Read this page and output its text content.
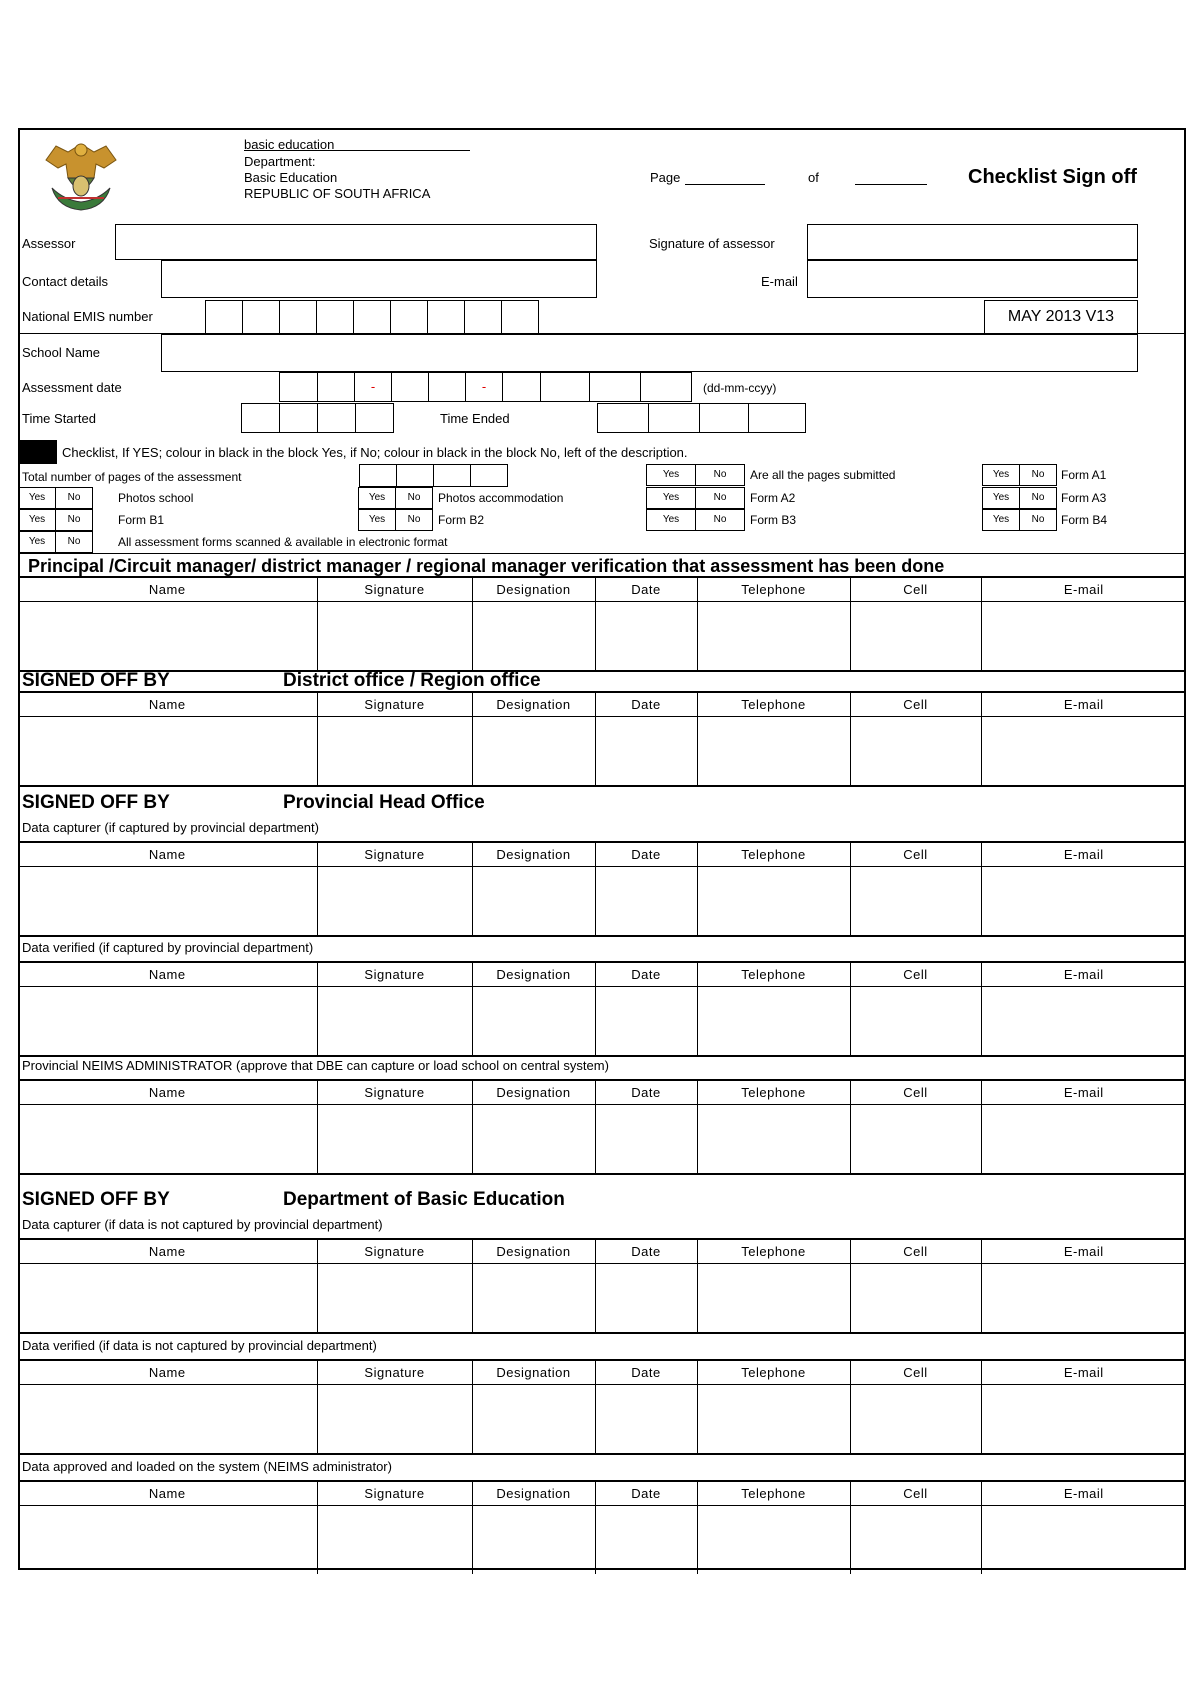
basic education
Department:
Basic Education
REPUBLIC OF SOUTH AFRICA
Page	of	Checklist Sign off
Assessor	Signature of assessor
Contact details	E-mail
National EMIS number	MAY 2013 V13
School Name
Assessment date	-	-	(dd-mm-ccyy)
Time Started	Time Ended
Checklist, If YES; colour in black in the block Yes, if No; colour in black in the block No, left of the description.
Total number of pages of the assessment
Yes	No	Photos school
Yes	No	Form B1
Yes	No	All assessment forms scanned & available in electronic format
Yes	No	Photos accommodation
Yes	No	Form B2
Yes	No	Are all the pages submitted
Yes	No	Form A2
Yes	No	Form B3
Yes	No	Form A1
Yes	No	Form A3
Yes	No	Form B4
Principal /Circuit manager/ district manager / regional manager verification that assessment has been done
Name	Signature	Designation	Date	Telephone	Cell	E-mail

SIGNED OFF BY	District office / Region office
Name	Signature	Designation	Date	Telephone	Cell	E-mail

SIGNED OFF BY	Provincial Head Office
Data capturer (if captured by provincial department)
Name	Signature	Designation	Date	Telephone	Cell	E-mail

Data verified (if captured by provincial department)
Name	Signature	Designation	Date	Telephone	Cell	E-mail

Provincial NEIMS ADMINISTRATOR (approve that DBE can capture or load school on central system)
Name	Signature	Designation	Date	Telephone	Cell	E-mail

SIGNED OFF BY	Department of Basic Education
Data capturer (if data is not captured by provincial department)
Name	Signature	Designation	Date	Telephone	Cell	E-mail

Data verified (if data is not captured by provincial department)
Name	Signature	Designation	Date	Telephone	Cell	E-mail

Data approved and loaded on the system (NEIMS administrator)
Name	Signature	Designation	Date	Telephone	Cell	E-mail
